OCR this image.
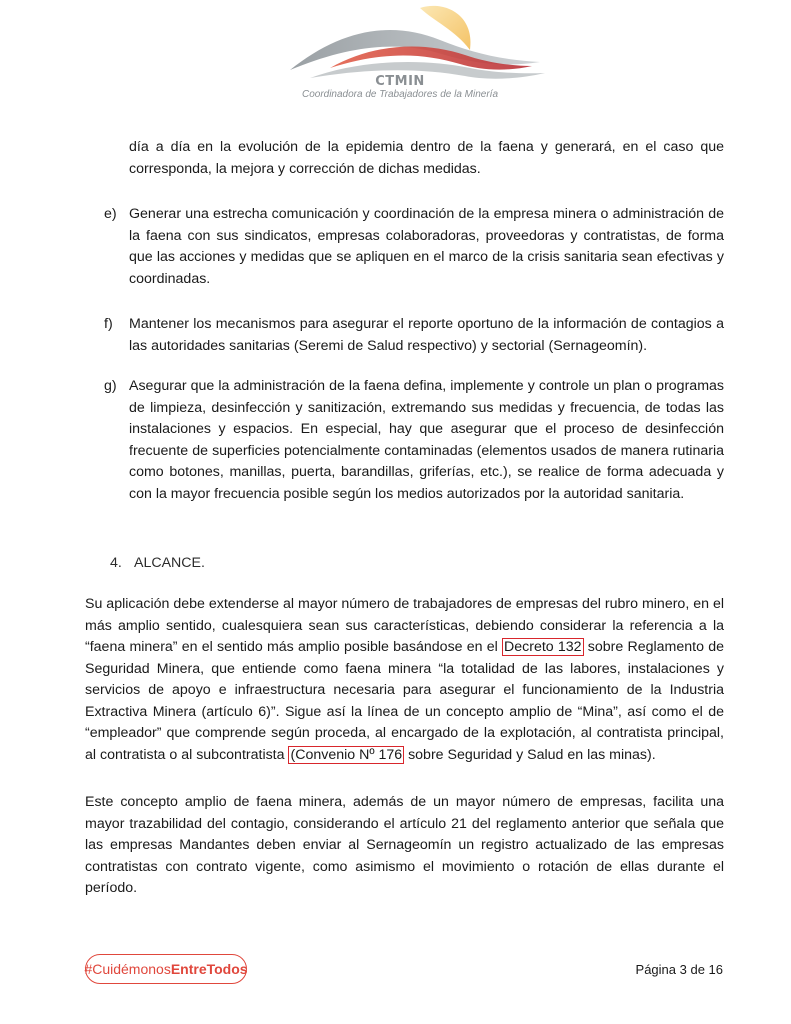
CTMIN
Coordinadora de Trabajadores de la Minería
día a día en la evolución de la epidemia dentro de la faena y generará, en el caso que corresponda, la mejora y corrección de dichas medidas.
e) Generar una estrecha comunicación y coordinación de la empresa minera o administración de la faena con sus sindicatos, empresas colaboradoras, proveedoras y contratistas, de forma que las acciones y medidas que se apliquen en el marco de la crisis sanitaria sean efectivas y coordinadas.
f)	Mantener los mecanismos para asegurar el reporte oportuno de la información de contagios a las autoridades sanitarias (Seremi de Salud respectivo) y sectorial (Sernageomín).
g) Asegurar que la administración de la faena defina, implemente y controle un plan o programas de limpieza, desinfección y sanitización, extremando sus medidas y frecuencia, de todas las instalaciones y espacios. En especial, hay que asegurar que el proceso de desinfección frecuente de superficies potencialmente contaminadas (elementos usados de manera rutinaria como botones, manillas, puerta, barandillas, griferías, etc.), se realice de forma adecuada y con la mayor frecuencia posible según los medios autorizados por la autoridad sanitaria.
4. ALCANCE.
Su aplicación debe extenderse al mayor número de trabajadores de empresas del rubro minero, en el más amplio sentido, cualesquiera sean sus características, debiendo considerar la referencia a la “faena minera” en el sentido más amplio posible basándose en el Decreto 132 sobre Reglamento de Seguridad Minera, que entiende como faena minera “la totalidad de las labores, instalaciones y servicios de apoyo e infraestructura necesaria para asegurar el funcionamiento de la Industria Extractiva Minera (artículo 6)”. Sigue así la línea de un concepto amplio de “Mina”, así como el de “empleador” que comprende según proceda, al encargado de la explotación, al contratista principal, al contratista o al subcontratista (Convenio Nº 176 sobre Seguridad y Salud en las minas).
Este concepto amplio de faena minera, además de un mayor número de empresas, facilita una mayor trazabilidad del contagio, considerando el artículo 21 del reglamento anterior que señala que las empresas Mandantes deben enviar al Sernageomín un registro actualizado de las empresas contratistas con contrato vigente, como asimismo el movimiento o rotación de ellas durante el período.
#Cuidémonos EntreTodos	Página 3 de 16
